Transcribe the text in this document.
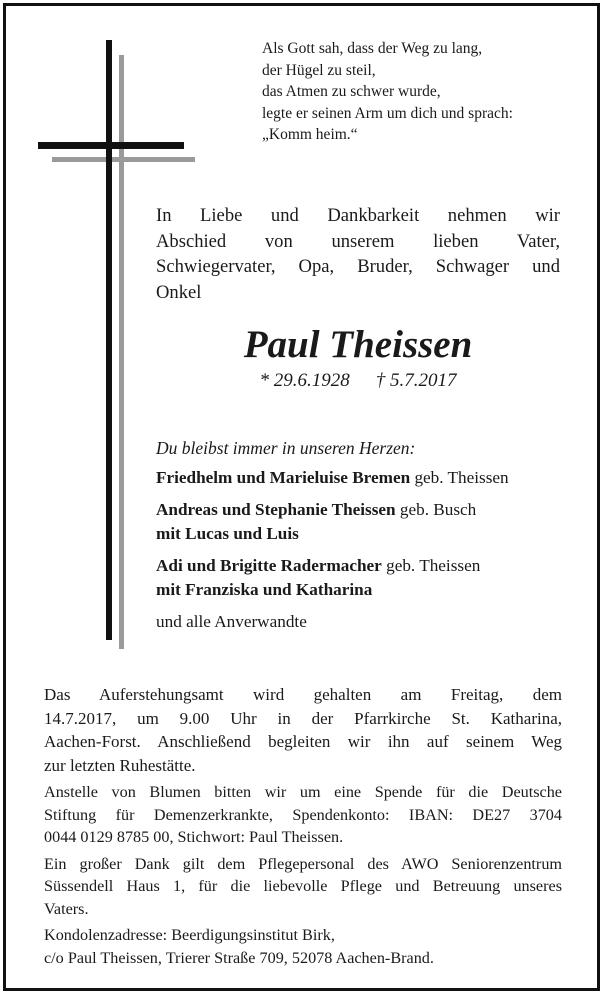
Als Gott sah, dass der Weg zu lang,
der Hügel zu steil,
das Atmen zu schwer wurde,
legte er seinen Arm um dich und sprach:
„Komm heim.“
In Liebe und Dankbarkeit nehmen wir
Abschied von unserem lieben Vater,
Schwiegervater, Opa, Bruder, Schwager und
Onkel
Paul Theissen
* 29.6.1928 † 5.7.2017
Du bleibst immer in unseren Herzen:
Friedhelm und Marieluise Bremen geb. Theissen
Andreas und Stephanie Theissen geb. Busch
mit Lucas und Luis
Adi und Brigitte Radermacher geb. Theissen
mit Franziska und Katharina
und alle Anverwandte

Das Auferstehungsamt wird gehalten am Freitag, dem
14.7.2017, um 9.00 Uhr in der Pfarrkirche St. Katharina,
Aachen-Forst. Anschließend begleiten wir ihn auf seinem Weg
zur letzten Ruhestätte.

Anstelle von Blumen bitten wir um eine Spende für die Deutsche
Stiftung für Demenzerkrankte, Spendenkonto: IBAN: DE27 3704
0044 0129 8785 00, Stichwort: Paul Theissen.

Ein großer Dank gilt dem Pflegepersonal des AWO Seniorenzentrum
Süssendell Haus 1, für die liebevolle Pflege und Betreuung unseres
Vaters.

Kondolenzadresse: Beerdigungsinstitut Birk,
c/o Paul Theissen, Trierer Straße 709, 52078 Aachen-Brand.
